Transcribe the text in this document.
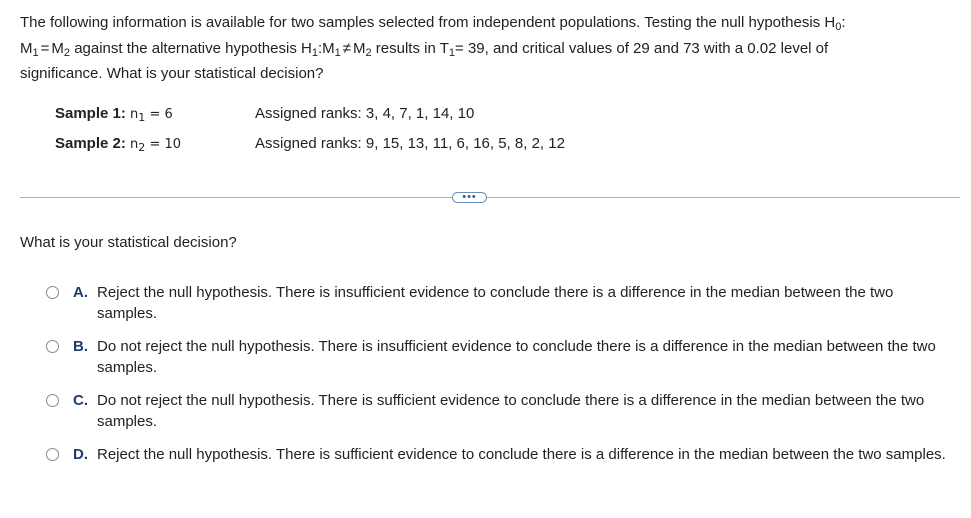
The following information is available for two samples selected from independent populations. Testing the null hypothesis $H_0$:

$M_1 = M_2$ against the alternative hypothesis $H_1:M_1 \ne M_2$ results in $T_1= 39$, and critical values of 29 and 73 with a 0.02 level of

significance. What is your statistical decision?

Sample 1: $n_1 = 6$	Assigned ranks: 3, 4, 7, 1, 14, 10
Sample 2: $n_2 = 10$	Assigned ranks: 9, 15, 13, 11, 6, 16, 5, 8, 2, 12
•••
What is your statistical decision?
A. Reject the null hypothesis. There is insufficient evidence to conclude there is a difference in the median between the two samples.
B. Do not reject the null hypothesis. There is insufficient evidence to conclude there is a difference in the median between the two samples.
C. Do not reject the null hypothesis. There is sufficient evidence to conclude there is a difference in the median between the two samples.
D. Reject the null hypothesis. There is sufficient evidence to conclude there is a difference in the median between the two samples.
